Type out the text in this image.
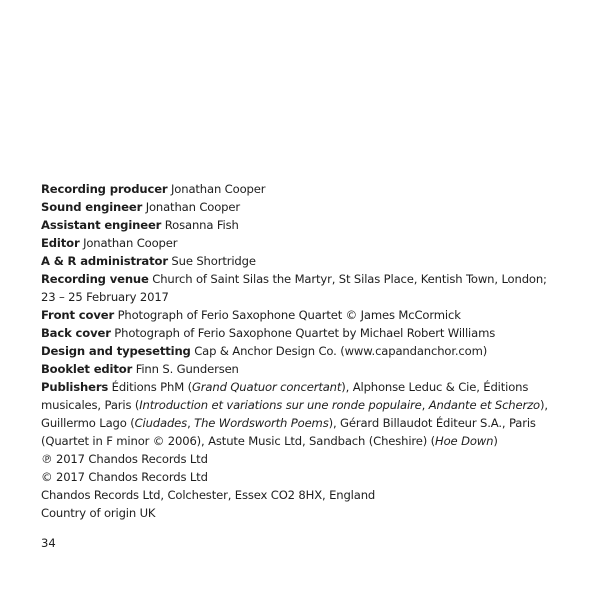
Recording producer Jonathan Cooper
Sound engineer Jonathan Cooper
Assistant engineer Rosanna Fish
Editor Jonathan Cooper
A & R administrator Sue Shortridge
Recording venue Church of Saint Silas the Martyr, St Silas Place, Kentish Town, London;
23 – 25 February 2017
Front cover Photograph of Ferio Saxophone Quartet © James McCormick
Back cover Photograph of Ferio Saxophone Quartet by Michael Robert Williams
Design and typesetting Cap & Anchor Design Co. (www.capandanchor.com)
Booklet editor Finn S. Gundersen
Publishers Éditions PhM (Grand Quatuor concertant), Alphonse Leduc & Cie, Éditions
musicales, Paris (Introduction et variations sur une ronde populaire, Andante et Scherzo),
Guillermo Lago (Ciudades, The Wordsworth Poems), Gérard Billaudot Éditeur S.A., Paris
(Quartet in F minor © 2006), Astute Music Ltd, Sandbach (Cheshire) (Hoe Down)
℗ 2017 Chandos Records Ltd
© 2017 Chandos Records Ltd
Chandos Records Ltd, Colchester, Essex CO2 8HX, England
Country of origin UK
34
